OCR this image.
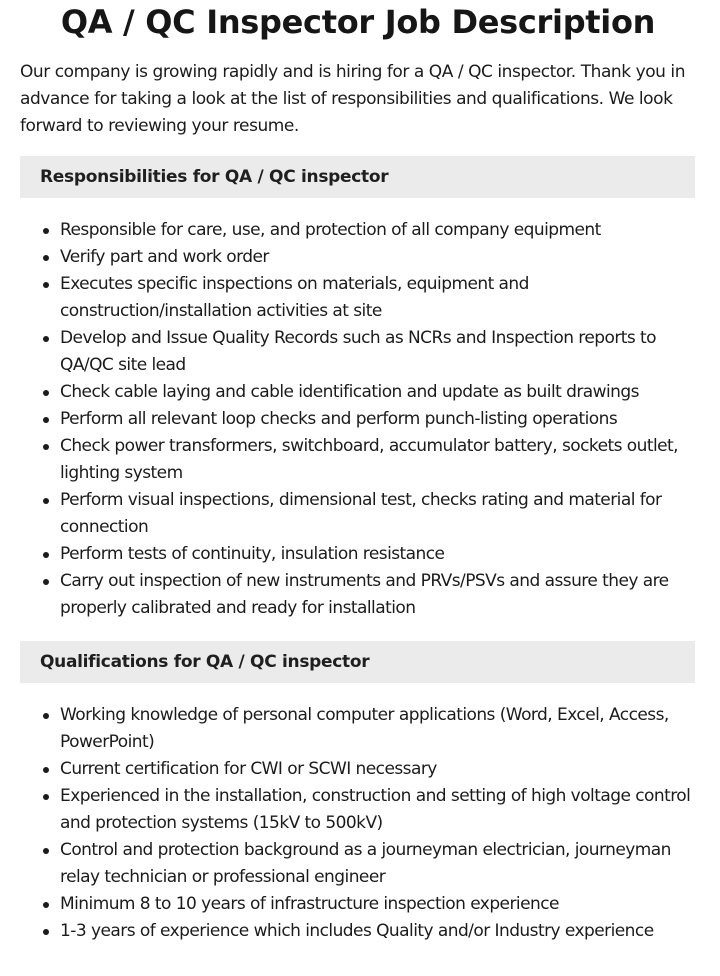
QA / QC Inspector Job Description

Our company is growing rapidly and is hiring for a QA / QC inspector. Thank you in advance for taking a look at the list of responsibilities and qualifications. We look forward to reviewing your resume.

Responsibilities for QA / QC inspector
Responsible for care, use, and protection of all company equipment
Verify part and work order
Executes specific inspections on materials, equipment and construction/installation activities at site
Develop and Issue Quality Records such as NCRs and Inspection reports to QA/QC site lead
Check cable laying and cable identification and update as built drawings
Perform all relevant loop checks and perform punch-listing operations
Check power transformers, switchboard, accumulator battery, sockets outlet, lighting system
Perform visual inspections, dimensional test, checks rating and material for connection
Perform tests of continuity, insulation resistance
Carry out inspection of new instruments and PRVs/PSVs and assure they are properly calibrated and ready for installation
Qualifications for QA / QC inspector
Working knowledge of personal computer applications (Word, Excel, Access, PowerPoint)
Current certification for CWI or SCWI necessary
Experienced in the installation, construction and setting of high voltage control and protection systems (15kV to 500kV)
Control and protection background as a journeyman electrician, journeyman relay technician or professional engineer
Minimum 8 to 10 years of infrastructure inspection experience
1-3 years of experience which includes Quality and/or Industry experience
